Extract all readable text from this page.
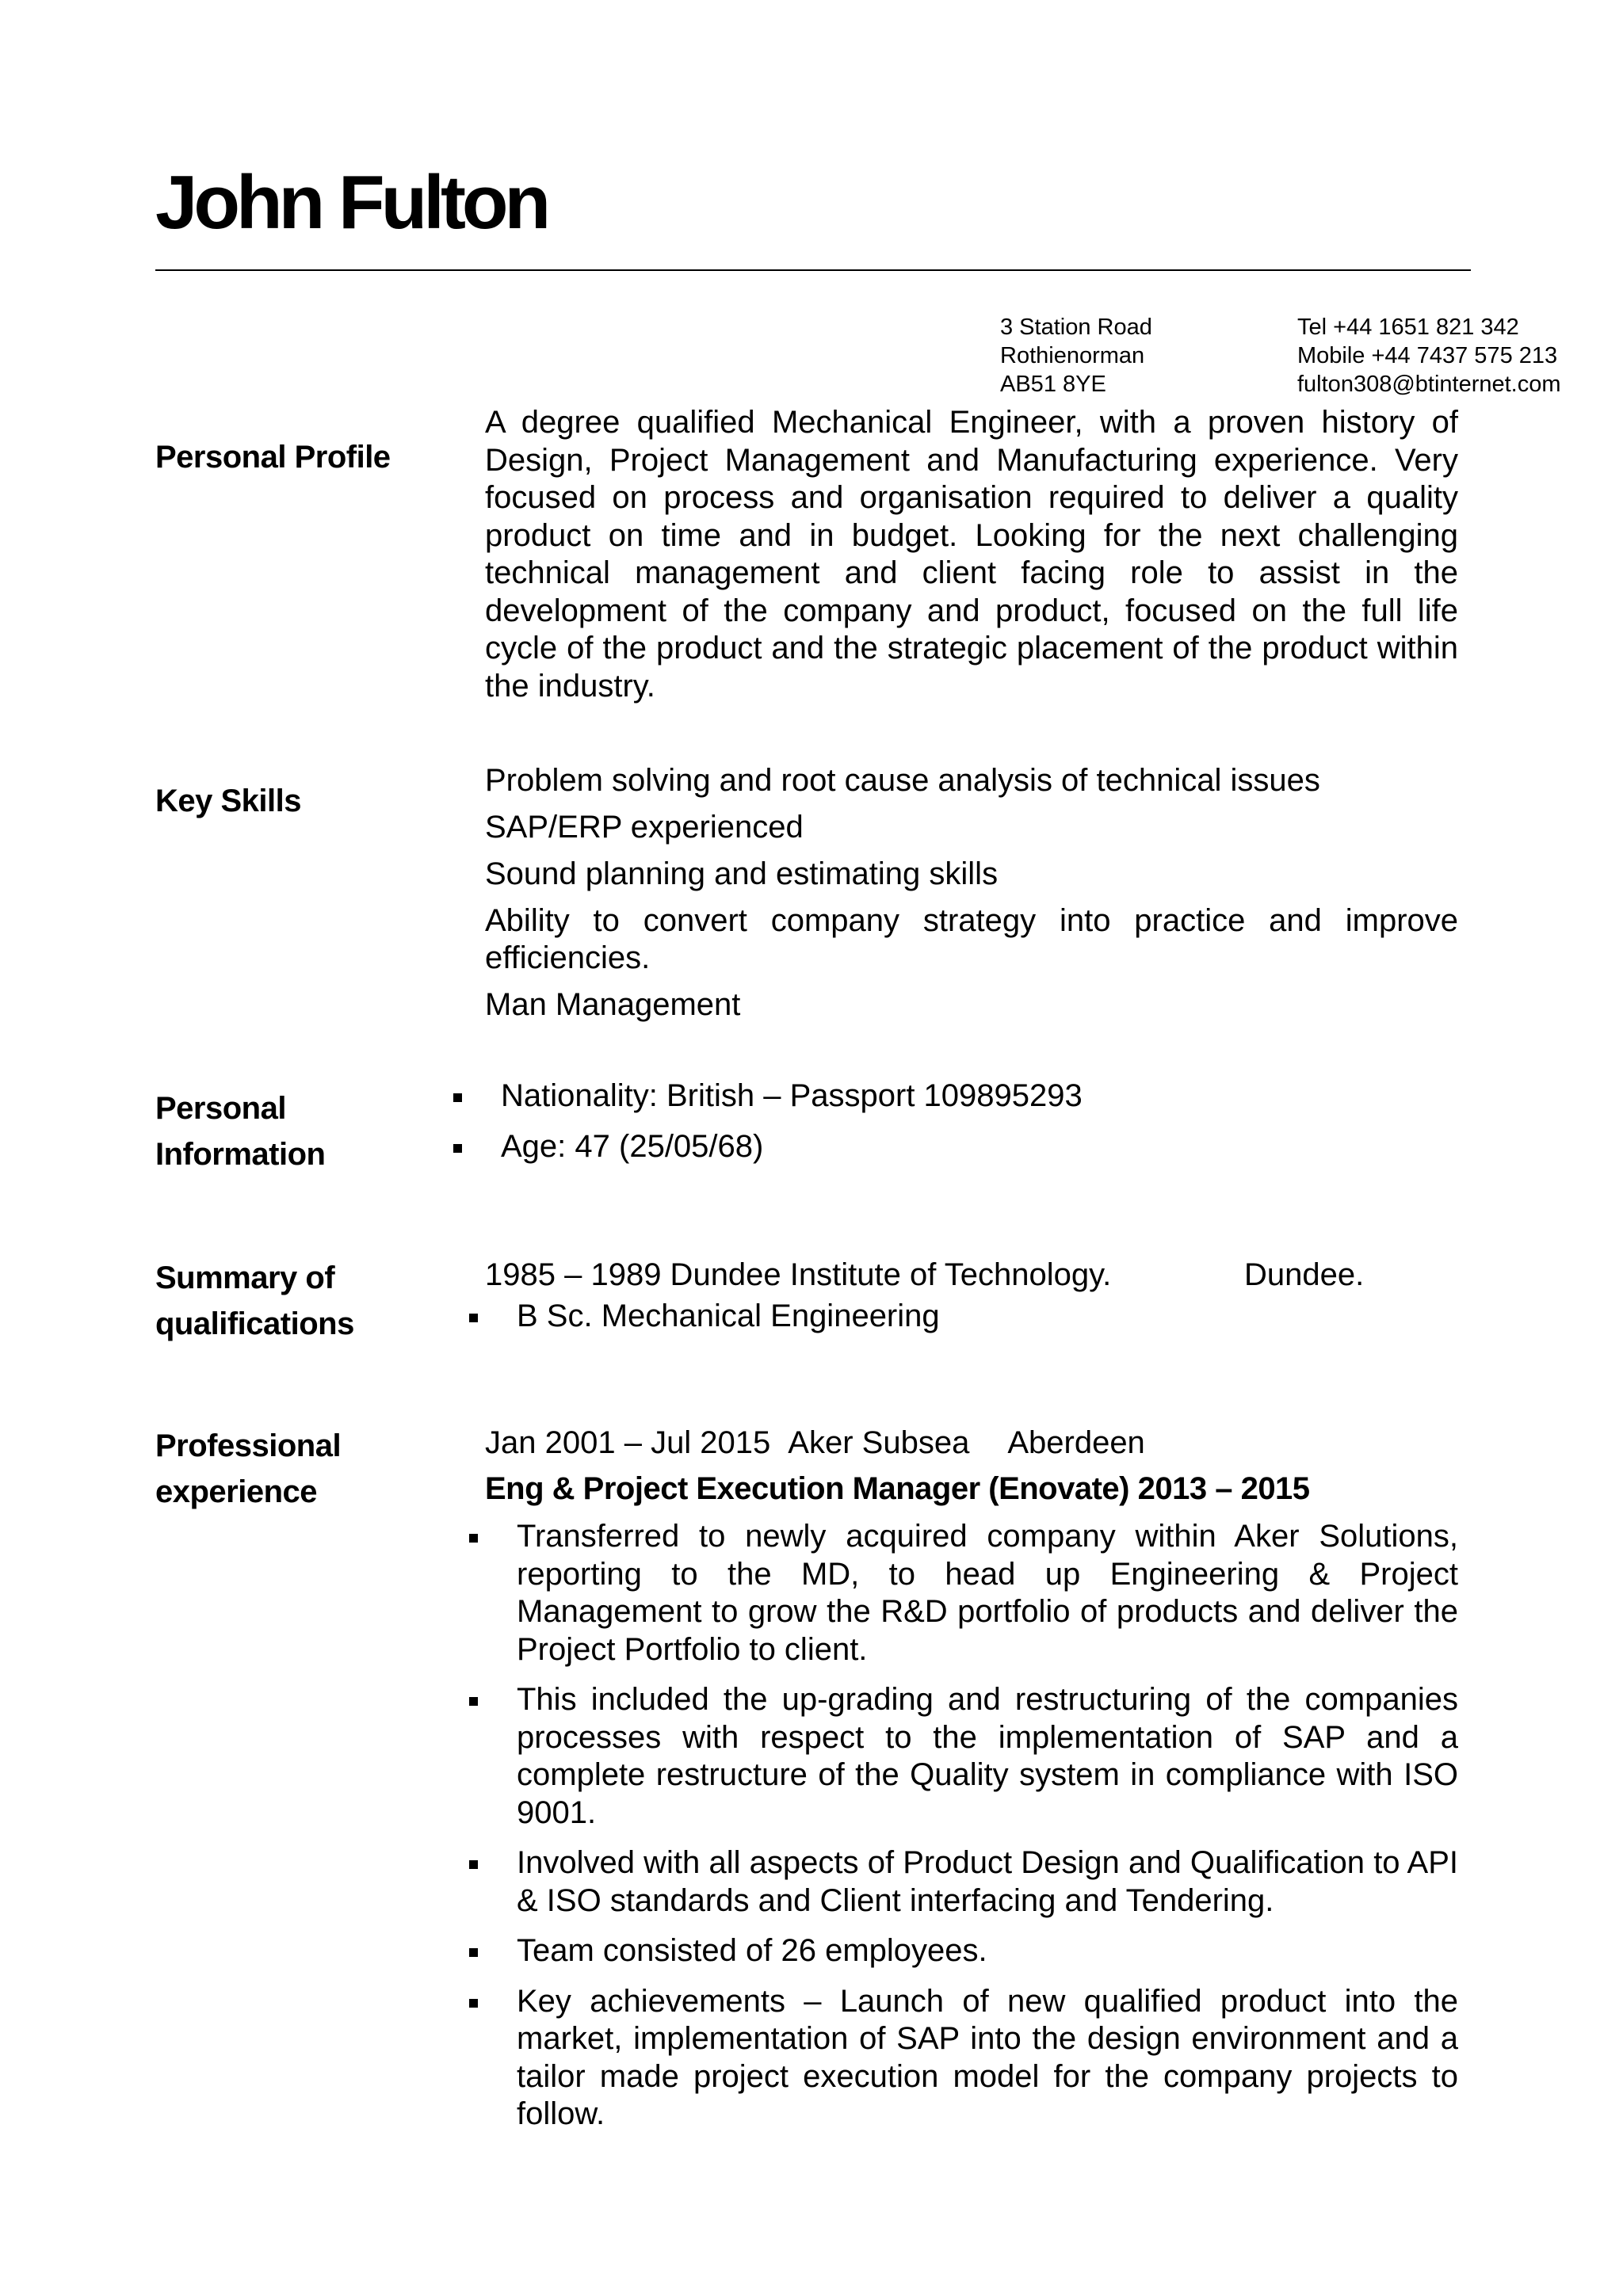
John Fulton
3 Station Road
Rothienorman
AB51 8YE
Tel +44 1651 821 342
Mobile +44 7437 575 213
fulton308@btinternet.com
Personal Profile
A degree qualified Mechanical Engineer, with a proven history of Design, Project Management and Manufacturing experience. Very focused on process and organisation required to deliver a quality product on time and in budget. Looking for the next challenging technical management and client facing role to assist in the development of the company and product, focused on the full life cycle of the product and the strategic placement of the product within the industry.
Key Skills
Problem solving and root cause analysis of technical issues
SAP/ERP experienced
Sound planning and estimating skills
Ability to convert company strategy into practice and improve efficiencies.
Man Management
Personal
Information
Nationality: British – Passport 109895293
Age: 47 (25/05/68)
Summary of
qualifications
1985 – 1989 Dundee Institute of Technology.	Dundee.
B Sc. Mechanical Engineering
Professional
experience
Jan 2001 – Jul 2015 Aker Subsea Aberdeen
Eng & Project Execution Manager (Enovate) 2013 – 2015
Transferred to newly acquired company within Aker Solutions, reporting to the MD, to head up Engineering & Project Management to grow the R&D portfolio of products and deliver the Project Portfolio to client.
This included the up-grading and restructuring of the companies processes with respect to the implementation of SAP and a complete restructure of the Quality system in compliance with ISO 9001.
Involved with all aspects of Product Design and Qualification to API & ISO standards and Client interfacing and Tendering.
Team consisted of 26 employees.
Key achievements – Launch of new qualified product into the market, implementation of SAP into the design environment and a tailor made project execution model for the company projects to follow.
